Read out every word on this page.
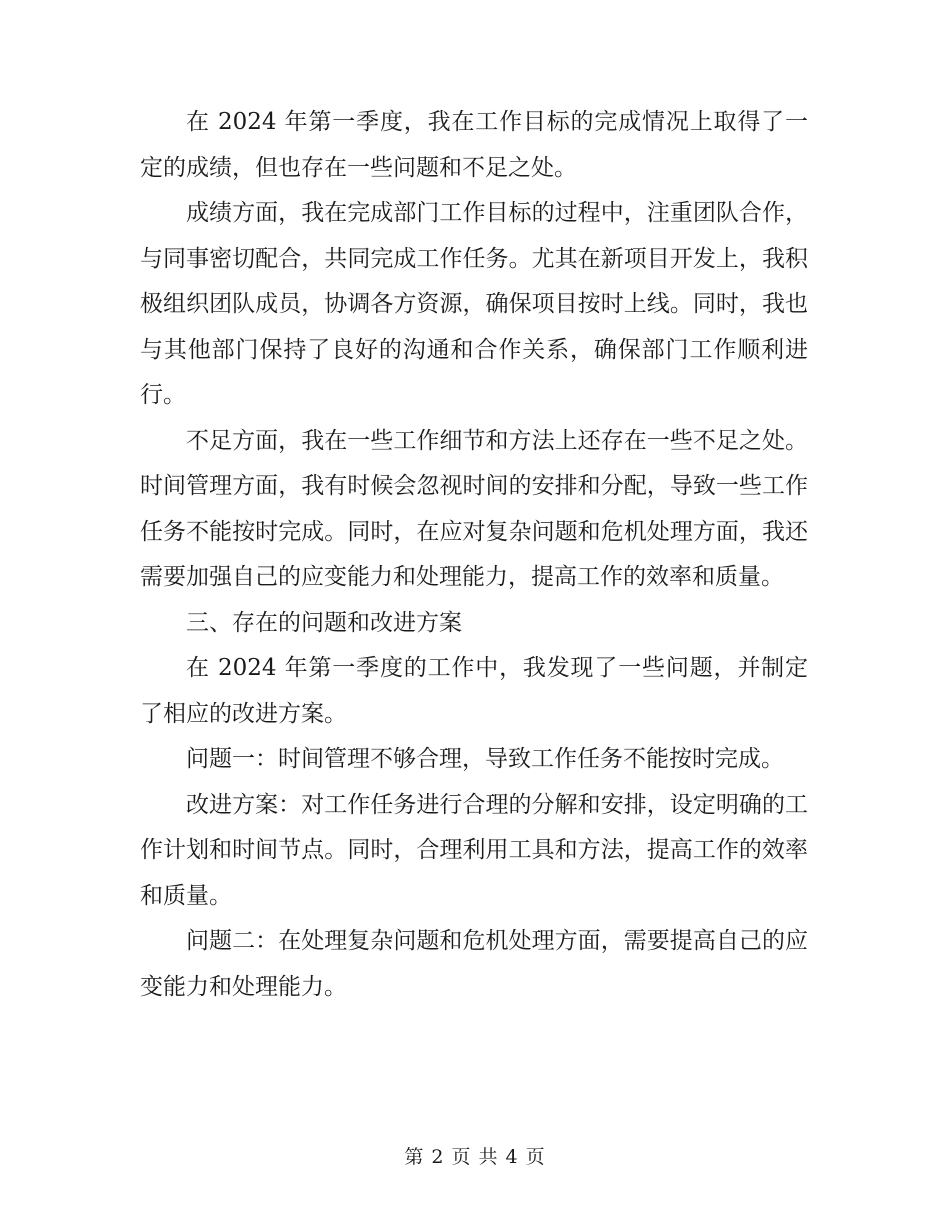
在 2024 年第一季度，我在工作目标的完成情况上取得了一定的成绩，但也存在一些问题和不足之处。

成绩方面，我在完成部门工作目标的过程中，注重团队合作，与同事密切配合，共同完成工作任务。尤其在新项目开发上，我积极组织团队成员，协调各方资源，确保项目按时上线。同时，我也与其他部门保持了良好的沟通和合作关系，确保部门工作顺利进行。

不足方面，我在一些工作细节和方法上还存在一些不足之处。时间管理方面，我有时候会忽视时间的安排和分配，导致一些工作任务不能按时完成。同时，在应对复杂问题和危机处理方面，我还需要加强自己的应变能力和处理能力，提高工作的效率和质量。

三、存在的问题和改进方案

在 2024 年第一季度的工作中，我发现了一些问题，并制定了相应的改进方案。

问题一：时间管理不够合理，导致工作任务不能按时完成。

改进方案：对工作任务进行合理的分解和安排，设定明确的工作计划和时间节点。同时，合理利用工具和方法，提高工作的效率和质量。

问题二：在处理复杂问题和危机处理方面，需要提高自己的应变能力和处理能力。

第 2 页 共 4 页
